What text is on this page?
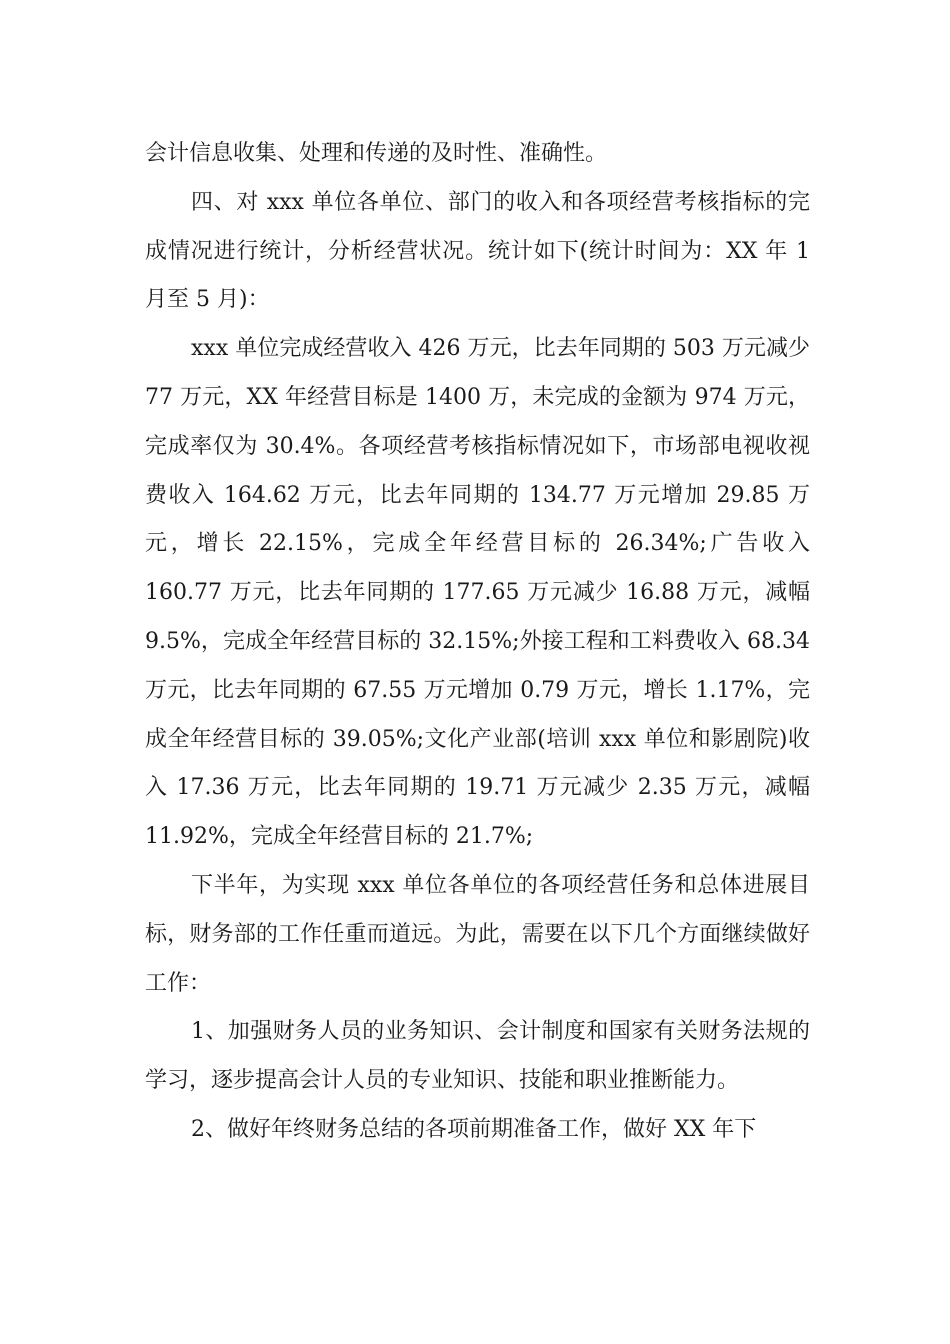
会计信息收集、处理和传递的及时性、准确性。

四、对 xxx 单位各单位、部门的收入和各项经营考核指标的完成情况进行统计，分析经营状况。统计如下(统计时间为：XX 年 1 月至 5 月)：

xxx 单位完成经营收入 426 万元，比去年同期的 503 万元减少 77 万元，XX 年经营目标是 1400 万，未完成的金额为 974 万元，完成率仅为 30.4%。各项经营考核指标情况如下，市场部电视收视费收入 164.62 万元，比去年同期的 134.77 万元增加 29.85 万元，增长 22.15%，完成全年经营目标的 26.34%;广告收入 160.77 万元，比去年同期的 177.65 万元减少 16.88 万元，减幅 9.5%，完成全年经营目标的 32.15%;外接工程和工料费收入 68.34 万元，比去年同期的 67.55 万元增加 0.79 万元，增长 1.17%，完成全年经营目标的 39.05%;文化产业部(培训 xxx 单位和影剧院)收入 17.36 万元，比去年同期的 19.71 万元减少 2.35 万元，减幅 11.92%，完成全年经营目标的 21.7%;

下半年，为实现 xxx 单位各单位的各项经营任务和总体进展目标，财务部的工作任重而道远。为此，需要在以下几个方面继续做好工作：

1、加强财务人员的业务知识、会计制度和国家有关财务法规的学习，逐步提高会计人员的专业知识、技能和职业推断能力。

2、做好年终财务总结的各项前期准备工作，做好 XX 年下
